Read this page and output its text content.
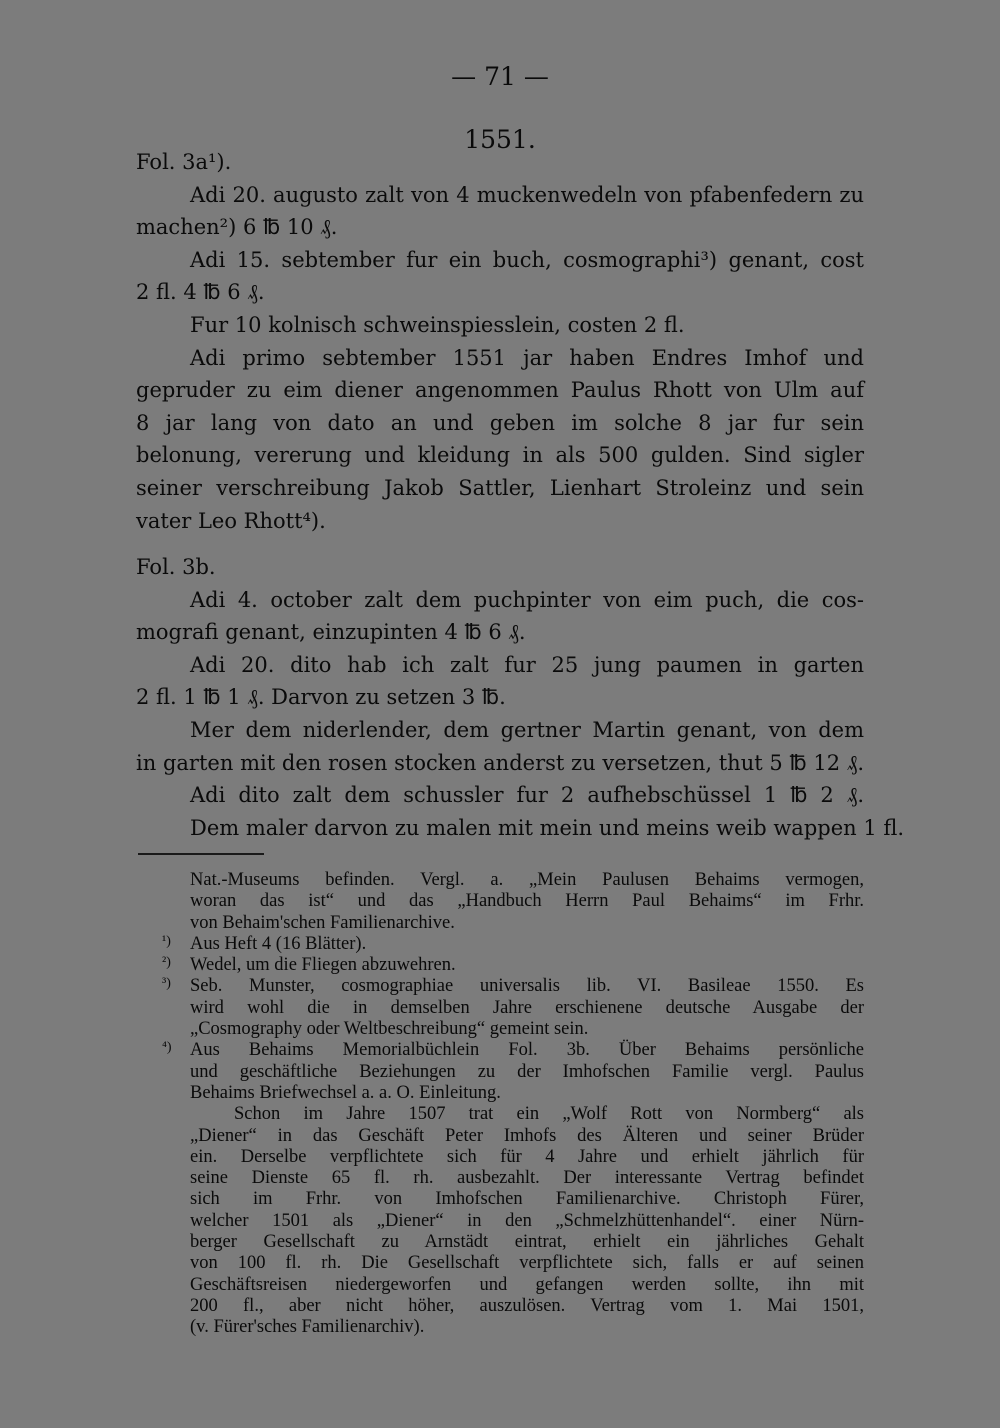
— 71 —
1551.
Fol. 3a¹).
Adi 20. augusto zalt von 4 muckenwedeln von pfabenfedern zu
machen²) 6 ℔ 10 ₰.
Adi 15. sebtember fur ein buch, cosmographi³) genant, cost
2 fl. 4 ℔ 6 ₰.
Fur 10 kolnisch schweinspiesslein, costen 2 fl.
Adi primo sebtember 1551 jar haben Endres Imhof und
gepruder zu eim diener angenommen Paulus Rhott von Ulm auf
8 jar lang von dato an und geben im solche 8 jar fur sein
belonung, vererung und kleidung in als 500 gulden. Sind sigler
seiner verschreibung Jakob Sattler, Lienhart Stroleinz und sein
vater Leo Rhott⁴).
Fol. 3b.
Adi 4. october zalt dem puchpinter von eim puch, die cos-
mografi genant, einzupinten 4 ℔ 6 ₰.
Adi 20. dito hab ich zalt fur 25 jung paumen in garten
2 fl. 1 ℔ 1 ₰. Darvon zu setzen 3 ℔.
Mer dem niderlender, dem gertner Martin genant, von dem
in garten mit den rosen stocken anderst zu versetzen, thut 5 ℔ 12 ₰.
Adi dito zalt dem schussler fur 2 aufhebschüssel 1 ℔ 2 ₰.
Dem maler darvon zu malen mit mein und meins weib wappen 1 fl.
Nat.-Museums befinden. Vergl. a. „Mein Paulusen Behaims vermogen,
woran das ist“ und das „Handbuch Herrn Paul Behaims“ im Frhr.
von Behaim'schen Familienarchive.
¹) Aus Heft 4 (16 Blätter).
²) Wedel, um die Fliegen abzuwehren.
³) Seb. Munster, cosmographiae universalis lib. VI. Basileae 1550. Es
wird wohl die in demselben Jahre erschienene deutsche Ausgabe der
„Cosmography oder Weltbeschreibung“ gemeint sein.
⁴) Aus Behaims Memorialbüchlein Fol. 3b. Über Behaims persönliche
und geschäftliche Beziehungen zu der Imhofschen Familie vergl. Paulus
Behaims Briefwechsel a. a. O. Einleitung.
Schon im Jahre 1507 trat ein „Wolf Rott von Normberg“ als
„Diener“ in das Geschäft Peter Imhofs des Älteren und seiner Brüder
ein. Derselbe verpflichtete sich für 4 Jahre und erhielt jährlich für
seine Dienste 65 fl. rh. ausbezahlt. Der interessante Vertrag befindet
sich im Frhr. von Imhofschen Familienarchive. Christoph Fürer,
welcher 1501 als „Diener“ in den „Schmelzhüttenhandel“. einer Nürn-
berger Gesellschaft zu Arnstädt eintrat, erhielt ein jährliches Gehalt
von 100 fl. rh. Die Gesellschaft verpflichtete sich, falls er auf seinen
Geschäftsreisen niedergeworfen und gefangen werden sollte, ihn mit
200 fl., aber nicht höher, auszulösen. Vertrag vom 1. Mai 1501,
(v. Fürer'sches Familienarchiv).
